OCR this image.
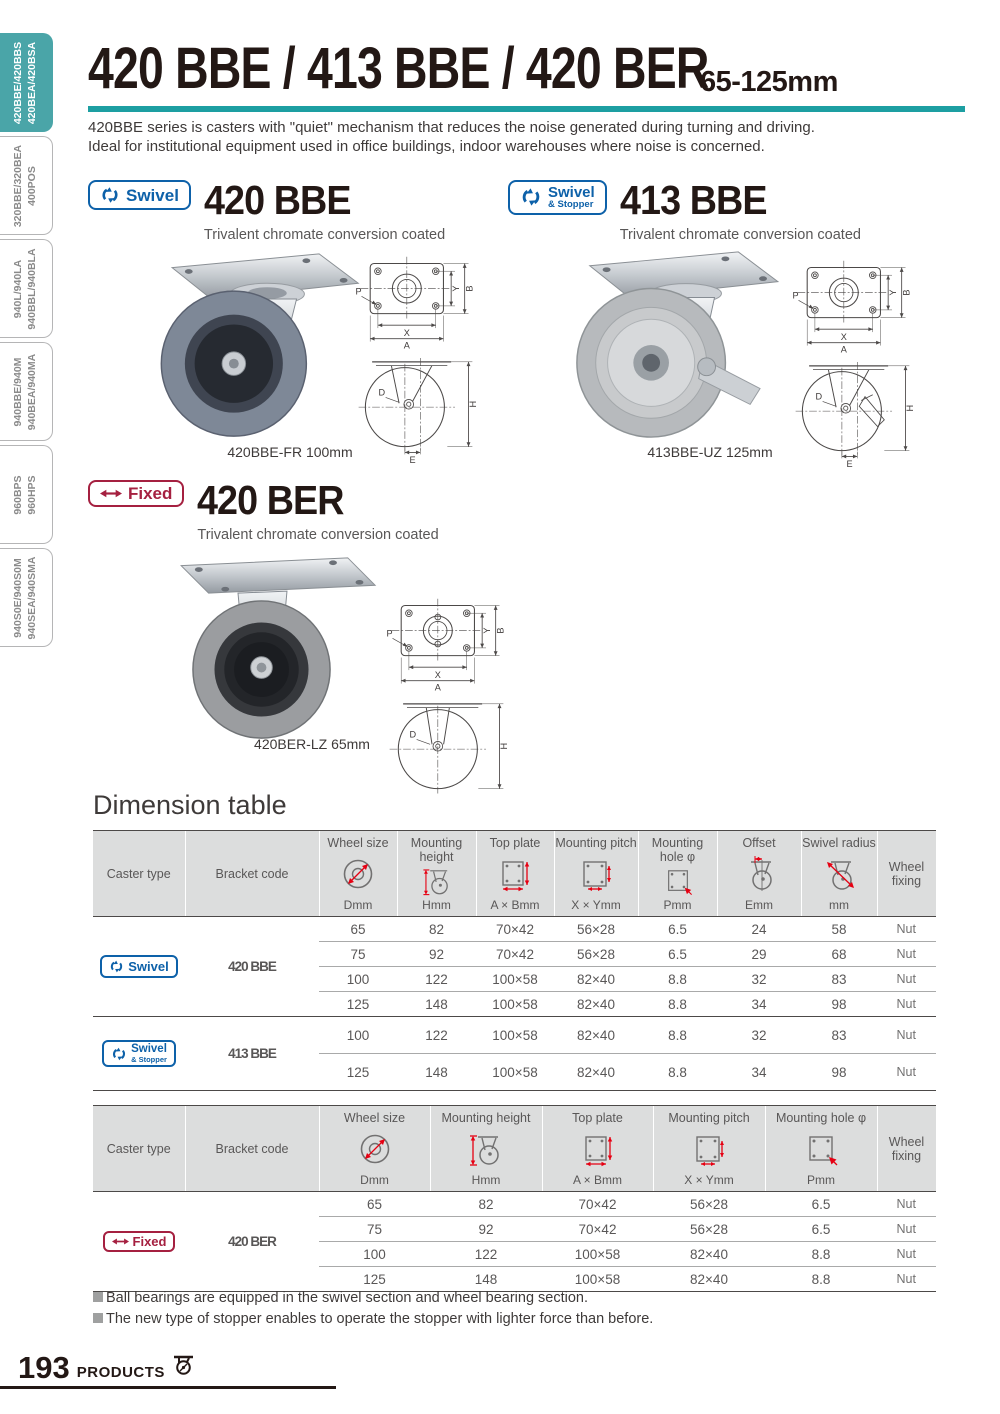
420BBE/420BBS 420BEA/420BSA
320BBE/320BEA 400POS
940L/940LA 940BBL/940BLA
940BBE/940M 940BEA/940MA
960BPS 960HPS
940S0E/940S0M 940SEA/940SMA
420 BBE / 413 BBE / 420 BER
65-125mm
420BBE series is casters with "quiet" mechanism that reduces the noise generated during turning and driving.
Ideal for institutional equipment used in office buildings, indoor warehouses where noise is concerned.
Swivel 420 BBE
Trivalent chromate conversion coated
420BBE-FR 100mm
Y B
X
A
P
D
H
E
Swivel
& Stopper 413 BBE
Trivalent chromate conversion coated
413BBE-UZ 125mm
Y B
X
A
P
D
H
E
Fixed 420 BER
Trivalent chromate conversion coated
420BER-LZ 65mm
Y B
X
A
P
D
H
Dimension table
Caster type	Bracket code	
Wheel size
Dmm

Mounting height
Hmm

Top plate
A × Bmm

Mounting pitch
X × Ymm

Mounting hole φ
Pmm

Offset
Emm

Swivel radius
mm

Wheel fixing

Swivel	420 BBE	65	82	70×42	56×28	6.5	24	58	Nut
		75	92	70×42	56×28	6.5	29	68	Nut
		100	122	100×58	82×40	8.8	32	83	Nut
		125	148	100×58	82×40	8.8	34	98	Nut

Swivel
& Stopper	413 BBE	100	122	100×58	82×40	8.8	32	83	Nut
		125	148	100×58	82×40	8.8	34	98	Nut
Caster type	Bracket code	
Wheel size
Dmm

Mounting height
Hmm

Top plate
A × Bmm

Mounting pitch
X × Ymm

Mounting hole φ
Pmm

Wheel fixing

Fixed	420 BER	65	82	70×42	56×28	6.5	Nut
		75	92	70×42	56×28	6.5	Nut
		100	122	100×58	82×40	8.8	Nut
		125	148	100×58	82×40	8.8	Nut
Ball bearings are equipped in the swivel section and wheel bearing section.
The new type of stopper enables to operate the stopper with lighter force than before.
193 PRODUCTS
